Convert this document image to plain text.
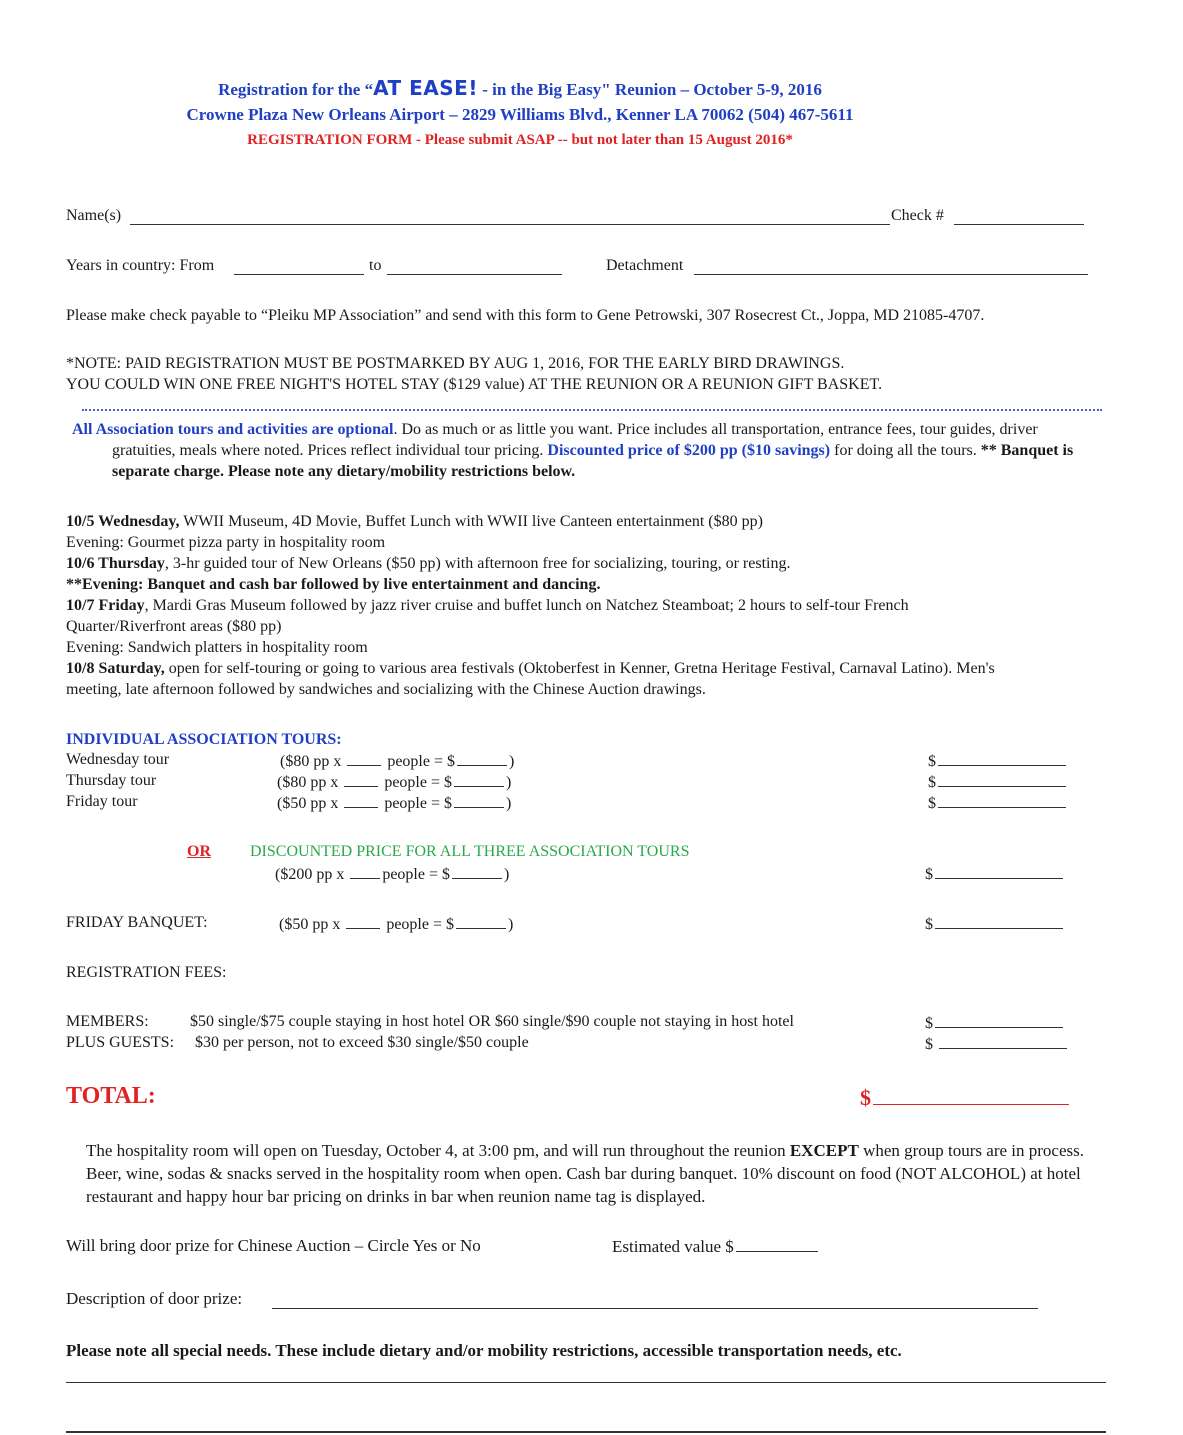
Registration for the “AT EASE! - in the Big Easy" Reunion – October 5-9, 2016
Crowne Plaza New Orleans Airport – 2829 Williams Blvd., Kenner LA 70062 (504) 467-5611
REGISTRATION FORM - Please submit ASAP -- but not later than 15 August 2016*
Name(s)	Check #
Years in country: From	to	Detachment
Please make check payable to “Pleiku MP Association” and send with this form to Gene Petrowski, 307 Rosecrest Ct., Joppa, MD 21085-4707.
*NOTE: PAID REGISTRATION MUST BE POSTMARKED BY AUG 1, 2016, FOR THE EARLY BIRD DRAWINGS.
YOU COULD WIN ONE FREE NIGHT'S HOTEL STAY ($129 value) AT THE REUNION OR A REUNION GIFT BASKET.
All Association tours and activities are optional. Do as much or as little you want. Price includes all transportation, entrance fees, tour guides, driver gratuities, meals where noted. Prices reflect individual tour pricing. Discounted price of $200 pp ($10 savings) for doing all the tours. ** Banquet is separate charge. Please note any dietary/mobility restrictions below.
10/5 Wednesday, WWII Museum, 4D Movie, Buffet Lunch with WWII live Canteen entertainment ($80 pp)
Evening: Gourmet pizza party in hospitality room
10/6 Thursday, 3-hr guided tour of New Orleans ($50 pp) with afternoon free for socializing, touring, or resting.
**Evening: Banquet and cash bar followed by live entertainment and dancing.
10/7 Friday, Mardi Gras Museum followed by jazz river cruise and buffet lunch on Natchez Steamboat; 2 hours to self-tour French
Quarter/Riverfront areas ($80 pp)
Evening: Sandwich platters in hospitality room
10/8 Saturday, open for self-touring or going to various area festivals (Oktoberfest in Kenner, Gretna Heritage Festival, Carnaval Latino). Men's
meeting, late afternoon followed by sandwiches and socializing with the Chinese Auction drawings.
INDIVIDUAL ASSOCIATION TOURS:
Wednesday tour	($80 pp x	people = $	)	$
Thursday tour	($80 pp x	people = $	)	$
Friday tour	($50 pp x	people = $	)	$
OR DISCOUNTED PRICE FOR ALL THREE ASSOCIATION TOURS
($200 pp x people = $	)	$
FRIDAY BANQUET:	($50 pp x	people = $	)	$
REGISTRATION FEES:
MEMBERS:	$50 single/$75 couple staying in host hotel OR $60 single/$90 couple not staying in host hotel	$
PLUS GUESTS: $30 per person, not to exceed $30 single/$50 couple	$
TOTAL:	$
The hospitality room will open on Tuesday, October 4, at 3:00 pm, and will run throughout the reunion EXCEPT when group tours are in process. Beer, wine, sodas & snacks served in the hospitality room when open. Cash bar during banquet. 10% discount on food (NOT ALCOHOL) at hotel restaurant and happy hour bar pricing on drinks in bar when reunion name tag is displayed.
Will bring door prize for Chinese Auction – Circle Yes or No	Estimated value $
Description of door prize:
Please note all special needs. These include dietary and/or mobility restrictions, accessible transportation needs, etc.
